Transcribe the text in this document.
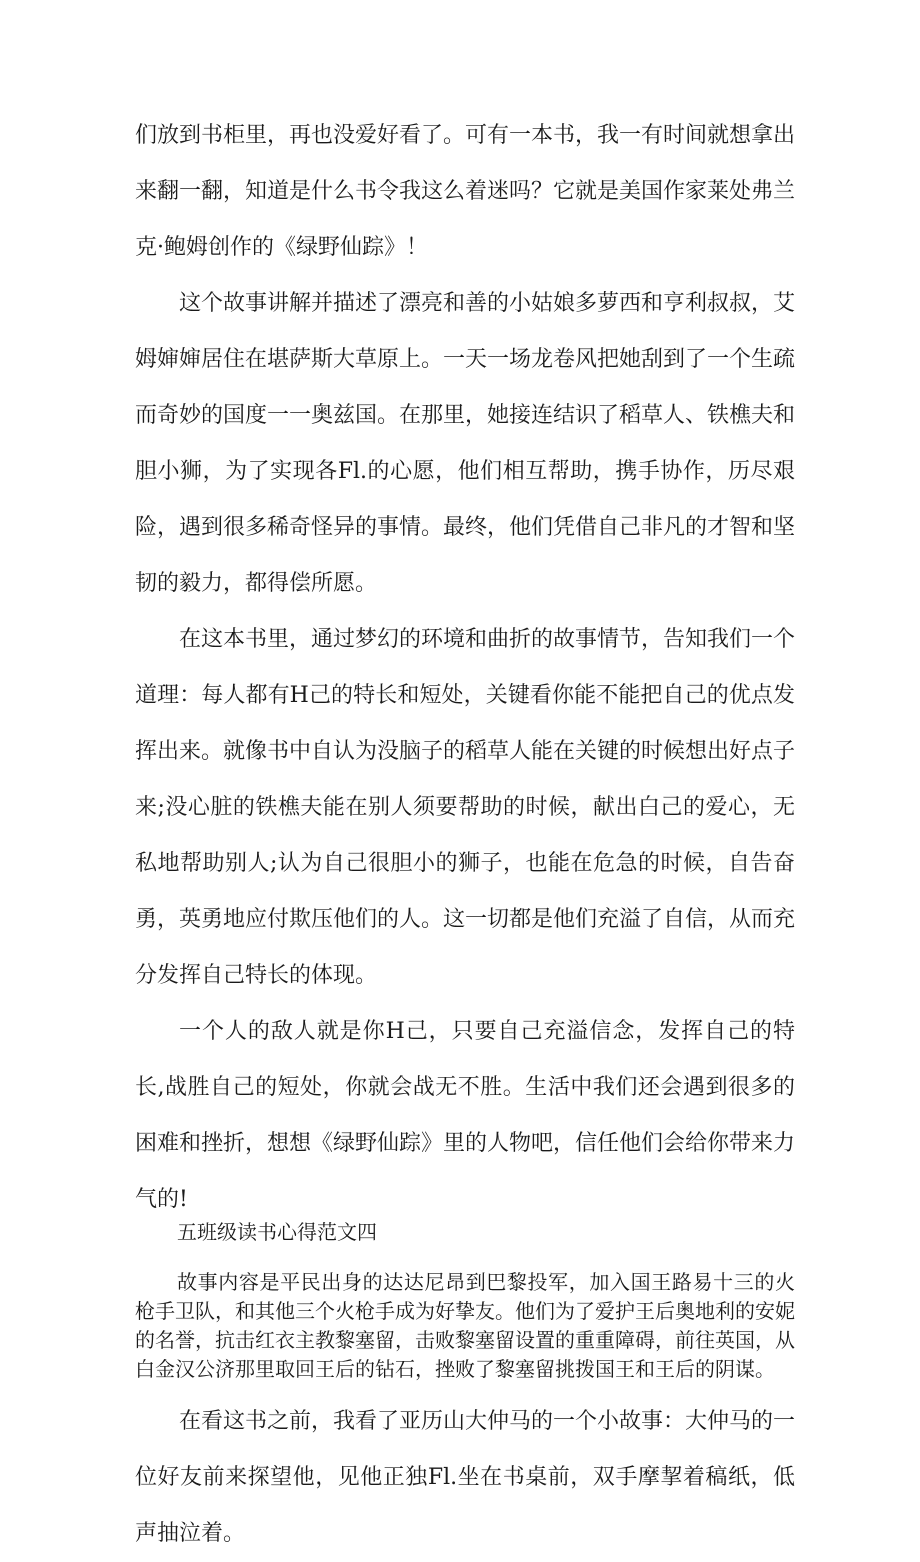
们放到书柜里，再也没爱好看了。可有一本书，我一有时间就想拿出来翻一翻，知道是什么书令我这么着迷吗？它就是美国作家莱处弗兰克·鲍姆创作的《绿野仙踪》！

这个故事讲解并描述了漂亮和善的小姑娘多萝西和亨利叔叔，艾姆婶婶居住在堪萨斯大草原上。一天一场龙卷风把她刮到了一个生疏而奇妙的国度一一奥兹国。在那里，她接连结识了稻草人、铁樵夫和胆小狮，为了实现各Fl.的心愿，他们相互帮助，携手协作，历尽艰险，遇到很多稀奇怪异的事情。最终，他们凭借自己非凡的才智和坚韧的毅力，都得偿所愿。

在这本书里，通过梦幻的环境和曲折的故事情节，告知我们一个道理：每人都有H己的特长和短处，关键看你能不能把自己的优点发挥出来。就像书中自认为没脑子的稻草人能在关键的时候想出好点子来;没心脏的铁樵夫能在别人须要帮助的时候，献出白己的爱心，无私地帮助别人;认为自己很胆小的狮子，也能在危急的时候，自告奋勇，英勇地应付欺压他们的人。这一切都是他们充溢了自信，从而充分发挥自己特长的体现。

一个人的敌人就是你H己，只要自己充溢信念，发挥自己的特长,战胜自己的短处，你就会战无不胜。生活中我们还会遇到很多的困难和挫折，想想《绿野仙踪》里的人物吧，信任他们会给你带来力气的!

五班级读书心得范文四

故事内容是平民出身的达达尼昂到巴黎投军，加入国王路易十三的火枪手卫队，和其他三个火枪手成为好挚友。他们为了爱护王后奥地利的安妮的名誉，抗击红衣主教黎塞留，击败黎塞留设置的重重障碍，前往英国，从白金汉公济那里取回王后的钻石，挫败了黎塞留挑拨国王和王后的阴谋。

在看这书之前，我看了亚历山大仲马的一个小故事：大仲马的一位好友前来探望他，见他正独Fl.坐在书桌前，双手摩挈着稿纸，低声抽泣着。
